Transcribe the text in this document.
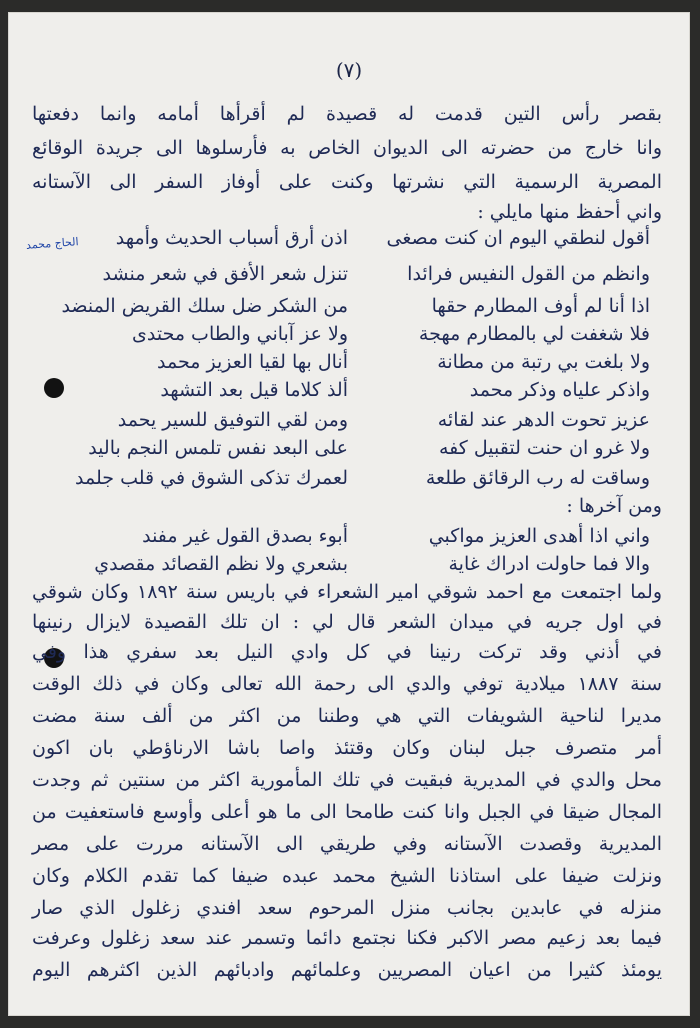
(٧)
الحاج محمد
بقصر رأس التين قدمت له قصيدة لم أقرأها أمامه وانما دفعتها
وانا خارج من حضرته الى الديوان الخاص به فأرسلوها الى جريدة الوقائع
المصرية الرسمية التي نشرتها وكنت على أوفاز السفر الى الآستانه
واني أحفظ منها مايلي :
أقول لنطقي اليوم ان كنت مصغى
اذن أرق أسباب الحديث وأمهد
وانظم من القول النفيس فرائدا
تنزل شعر الأفق في شعر منشد
اذا أنا لم أوف المطارم حقها
من الشكر ضل سلك القريض المنضد
فلا شغفت لي بالمطارم مهجة
ولا عز آباني والطاب محتدى
ولا بلغت بي رتبة من مطانة
أنال بها لقيا العزيز محمد
واذكر علياه وذكر محمد
ألذ كلاما قيل بعد التشهد
عزيز تحوت الدهر عند لقائه
ومن لقي التوفيق للسير يحمد
ولا غرو ان حنت لتقبيل كفه
على البعد نفس تلمس النجم باليد
وساقت له رب الرقائق طلعة
لعمرك تذكى الشوق في قلب جلمد
ومن آخرها :
واني اذا أهدى العزيز مواكبي
أبوء بصدق القول غير مفند
والا فما حاولت ادراك غاية
بشعري ولا نظم القصائد مقصدي
ولما اجتمعت مع احمد شوقي امير الشعراء في باريس سنة ١٨٩٢ وكان شوقي
في اول جريه في ميدان الشعر قال لي : ان تلك القصيدة لايزال رنينها
في أذني وقد تركت رنينا في كل وادي النيل بعد سفري هذا وفي
سنة ١٨٨٧ ميلادية توفي والدي الى رحمة الله تعالى وكان في ذلك الوقت
مديرا لناحية الشويفات التي هي وطننا من اكثر من ألف سنة مضت
أمر متصرف جبل لبنان وكان وقتئذ واصا باشا الارناؤطي بان اكون
محل والدي في المديرية فبقيت في تلك المأمورية اكثر من سنتين ثم وجدت
المجال ضيقا في الجبل وانا كنت طامحا الى ما هو أعلى وأوسع فاستعفيت من
المديرية وقصدت الآستانه وفي طريقي الى الآستانه مررت على مصر
ونزلت ضيفا على استاذنا الشيخ محمد عبده ضيفا كما تقدم الكلام وكان
منزله في عابدين بجانب منزل المرحوم سعد افندي زغلول الذي صار
فيما بعد زعيم مصر الاكبر فكنا نجتمع دائما وتسمر عند سعد زغلول وعرفت
يومئذ كثيرا من اعيان المصريين وعلمائهم وادبائهم الذين اكثرهم اليوم
